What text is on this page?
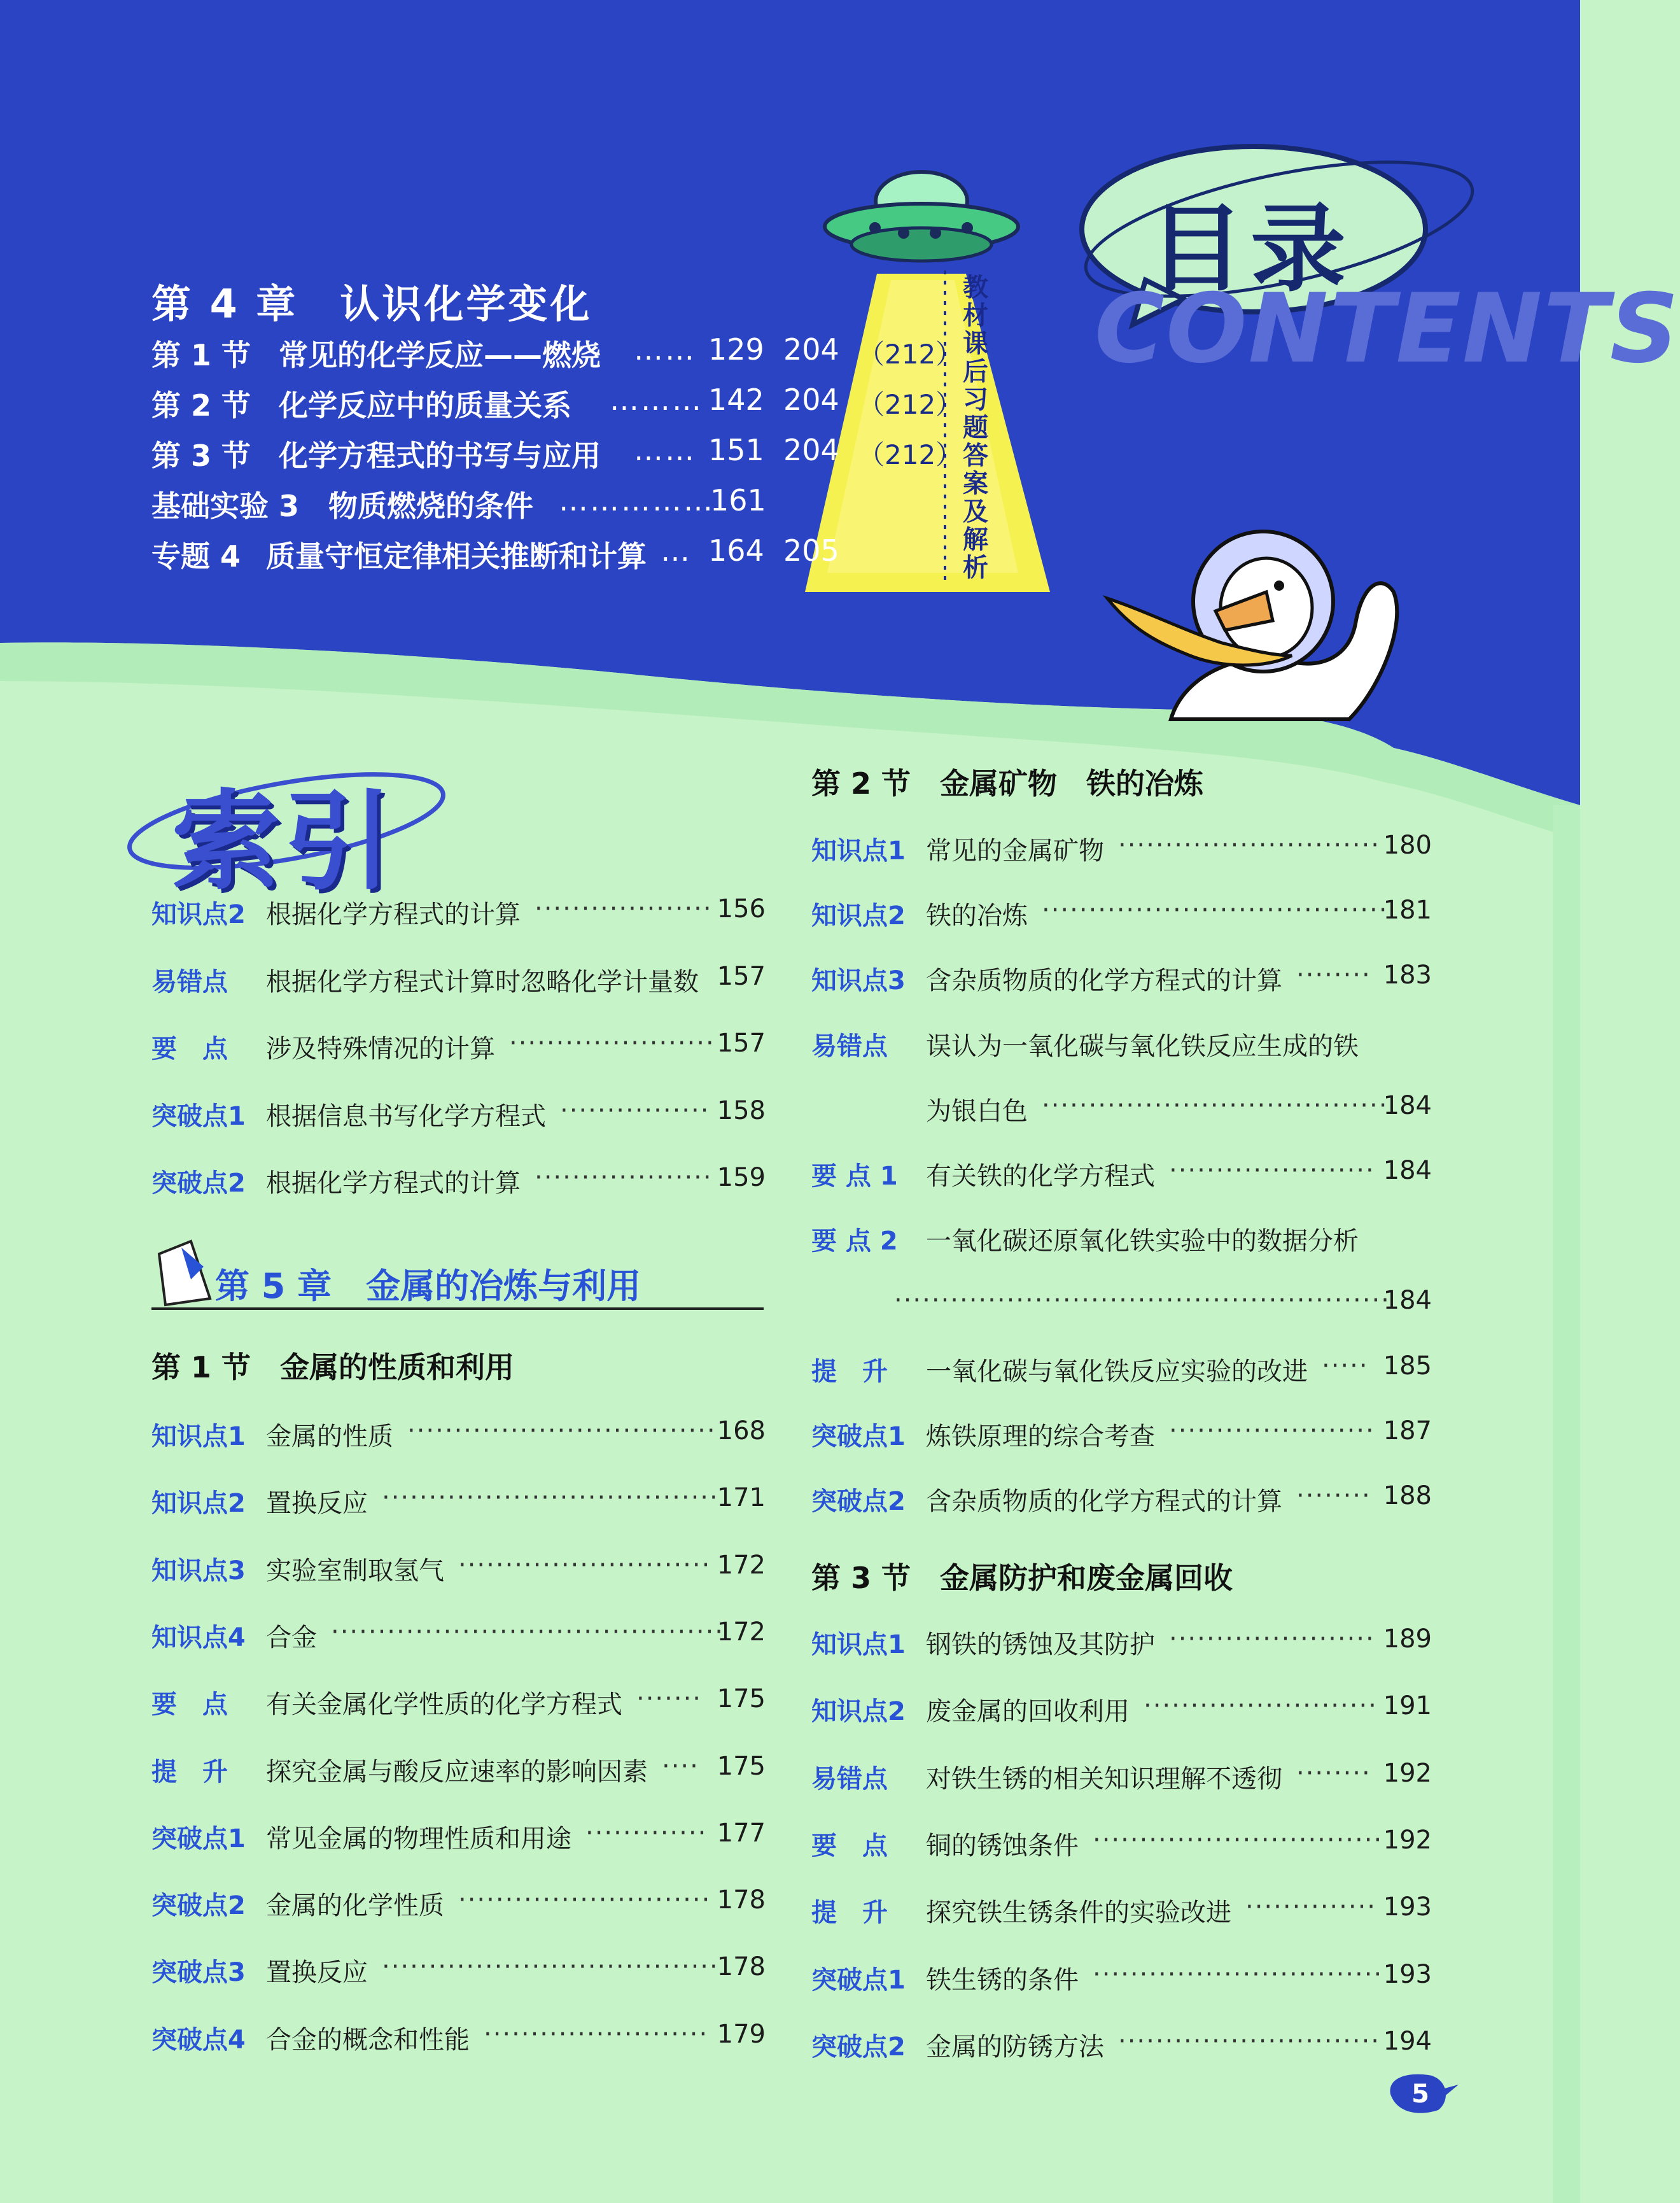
第 4 章　 认识化学变化
第 1 节 常见的化学反应——燃烧 …… 129 204 （212）
第 2 节 化学反应中的质量关系 ……… 142 204 （212）
第 3 节 化学方程式的书写与应用 …… 151 204 （212）
基础实验 3 物质燃烧的条件 ……………
161
专题 4 质量守恒定律相关推断和计算 … 164 205
教材课后习题答案及解析
CONTENTS
目录
索引
知识点2 根据化学方程式的计算 ··················· 156
易错点 根据化学方程式计算时忽略化学计量数 157
要　点 涉及特殊情况的计算 ······················ 157
突破点1 根据信息书写化学方程式 ················ 158
突破点2 根据化学方程式的计算 ··················· 159
第 5 章　金属的冶炼与利用
第 1 节　金属的性质和利用
知识点1 金属的性质 ································· 168
知识点2 置换反应 ····································
171
知识点3 实验室制取氢气 ··························· 172
知识点4 合金 ··········································
172
要　点 有关金属化学性质的化学方程式 ······· 175
提　升 探究金属与酸反应速率的影响因素 ···· 175
突破点1 常见金属的物理性质和用途 ············· 177
突破点2 金属的化学性质 ··························· 178
突破点3 置换反应 ····································
178
突破点4 合金的概念和性能 ························ 179
第 2 节　金属矿物　铁的冶炼
知识点1 常见的金属矿物 ···························· 180
知识点2 铁的冶炼 ·····································
181
知识点3 含杂质物质的化学方程式的计算 ········ 183
易错点 误认为一氧化碳与氧化铁反应生成的铁
为银白色 ·····································
184
要 点 1 有关铁的化学方程式 ······················ 184
要 点 2 一氧化碳还原氧化铁实验中的数据分析
·····················································
184
提　升 一氧化碳与氧化铁反应实验的改进 ····· 185
突破点1 炼铁原理的综合考查 ······················ 187
突破点2 含杂质物质的化学方程式的计算 ········ 188
第 3 节　金属防护和废金属回收
知识点1 钢铁的锈蚀及其防护 ······················ 189
知识点2 废金属的回收利用 ························· 191
易错点 对铁生锈的相关知识理解不透彻 ········ 192
要　点 铜的锈蚀条件 ······························· 192
提　升 探究铁生锈条件的实验改进 ·············· 193
突破点1 铁生锈的条件 ······························· 193
突破点2 金属的防锈方法 ···························· 194
5
